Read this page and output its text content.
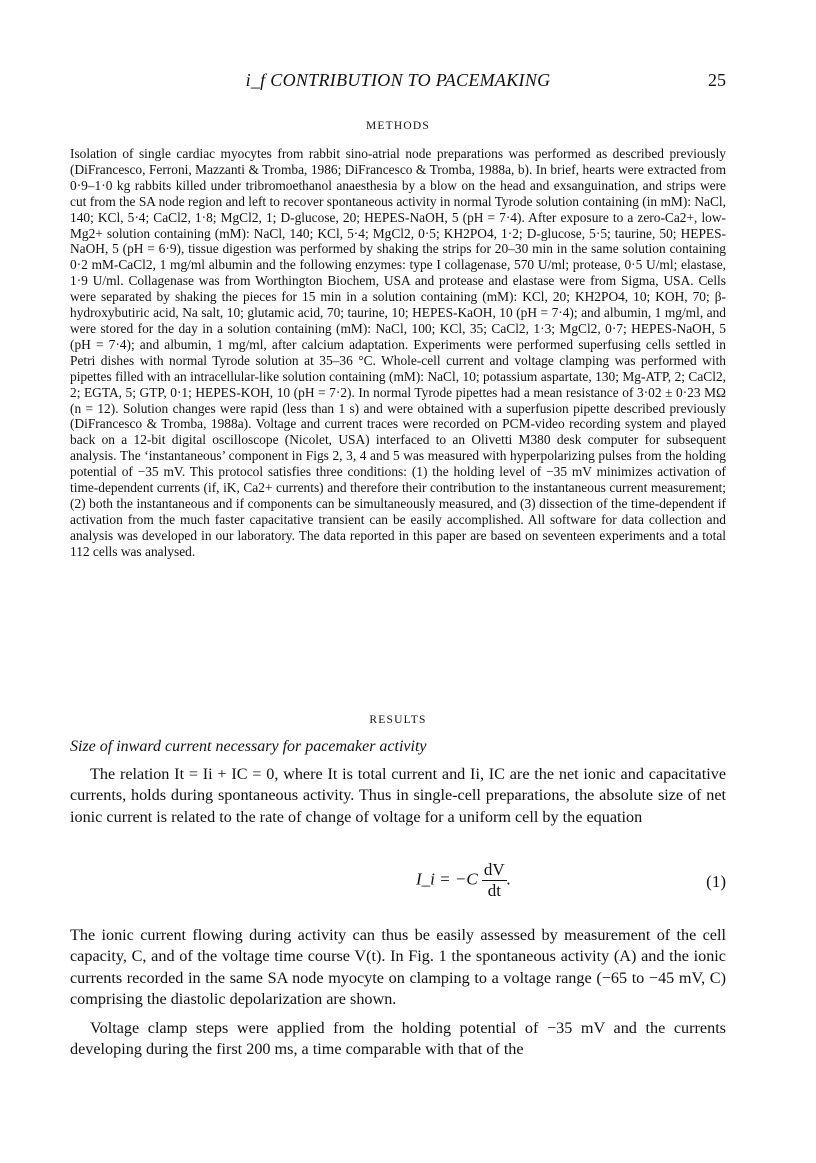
i_f CONTRIBUTION TO PACEMAKING	25
METHODS

Isolation of single cardiac myocytes from rabbit sino-atrial node preparations was performed as described previously (DiFrancesco, Ferroni, Mazzanti & Tromba, 1986; DiFrancesco & Tromba, 1988a, b). In brief, hearts were extracted from 0·9–1·0 kg rabbits killed under tribromoethanol anaesthesia by a blow on the head and exsanguination, and strips were cut from the SA node region and left to recover spontaneous activity in normal Tyrode solution containing (in mM): NaCl, 140; KCl, 5·4; CaCl2, 1·8; MgCl2, 1; D-glucose, 20; HEPES-NaOH, 5 (pH = 7·4). After exposure to a zero-Ca2+, low-Mg2+ solution containing (mM): NaCl, 140; KCl, 5·4; MgCl2, 0·5; KH2PO4, 1·2; D-glucose, 5·5; taurine, 50; HEPES-NaOH, 5 (pH = 6·9), tissue digestion was performed by shaking the strips for 20–30 min in the same solution containing 0·2 mM-CaCl2, 1 mg/ml albumin and the following enzymes: type I collagenase, 570 U/ml; protease, 0·5 U/ml; elastase, 1·9 U/ml. Collagenase was from Worthington Biochem, USA and protease and elastase were from Sigma, USA. Cells were separated by shaking the pieces for 15 min in a solution containing (mM): KCl, 20; KH2PO4, 10; KOH, 70; β-hydroxybutiric acid, Na salt, 10; glutamic acid, 70; taurine, 10; HEPES-KaOH, 10 (pH = 7·4); and albumin, 1 mg/ml, and were stored for the day in a solution containing (mM): NaCl, 100; KCl, 35; CaCl2, 1·3; MgCl2, 0·7; HEPES-NaOH, 5 (pH = 7·4); and albumin, 1 mg/ml, after calcium adaptation. Experiments were performed superfusing cells settled in Petri dishes with normal Tyrode solution at 35–36 °C. Whole-cell current and voltage clamping was performed with pipettes filled with an intracellular-like solution containing (mM): NaCl, 10; potassium aspartate, 130; Mg-ATP, 2; CaCl2, 2; EGTA, 5; GTP, 0·1; HEPES-KOH, 10 (pH = 7·2). In normal Tyrode pipettes had a mean resistance of 3·02 ± 0·23 MΩ (n = 12). Solution changes were rapid (less than 1 s) and were obtained with a superfusion pipette described previously (DiFrancesco & Tromba, 1988a). Voltage and current traces were recorded on PCM-video recording system and played back on a 12-bit digital oscilloscope (Nicolet, USA) interfaced to an Olivetti M380 desk computer for subsequent analysis. The ‘instantaneous’ component in Figs 2, 3, 4 and 5 was measured with hyperpolarizing pulses from the holding potential of −35 mV. This protocol satisfies three conditions: (1) the holding level of −35 mV minimizes activation of time-dependent currents (if, iK, Ca2+ currents) and therefore their contribution to the instantaneous current measurement; (2) both the instantaneous and if components can be simultaneously measured, and (3) dissection of the time-dependent if activation from the much faster capacitative transient can be easily accomplished. All software for data collection and analysis was developed in our laboratory. The data reported in this paper are based on seventeen experiments and a total 112 cells was analysed.

RESULTS

Size of inward current necessary for pacemaker activity

The relation It = Ii + IC = 0, where It is total current and Ii, IC are the net ionic and capacitative currents, holds during spontaneous activity. Thus in single-cell preparations, the absolute size of net ionic current is related to the rate of change of voltage for a uniform cell by the equation

I_i = $-C \frac{dV}{dt}$ .	(1)

The ionic current flowing during activity can thus be easily assessed by measurement of the cell capacity, C, and of the voltage time course V(t). In Fig. 1 the spontaneous activity (A) and the ionic currents recorded in the same SA node myocyte on clamping to a voltage range (−65 to −45 mV, C) comprising the diastolic depolarization are shown.

Voltage clamp steps were applied from the holding potential of −35 mV and the currents developing during the first 200 ms, a time comparable with that of the
